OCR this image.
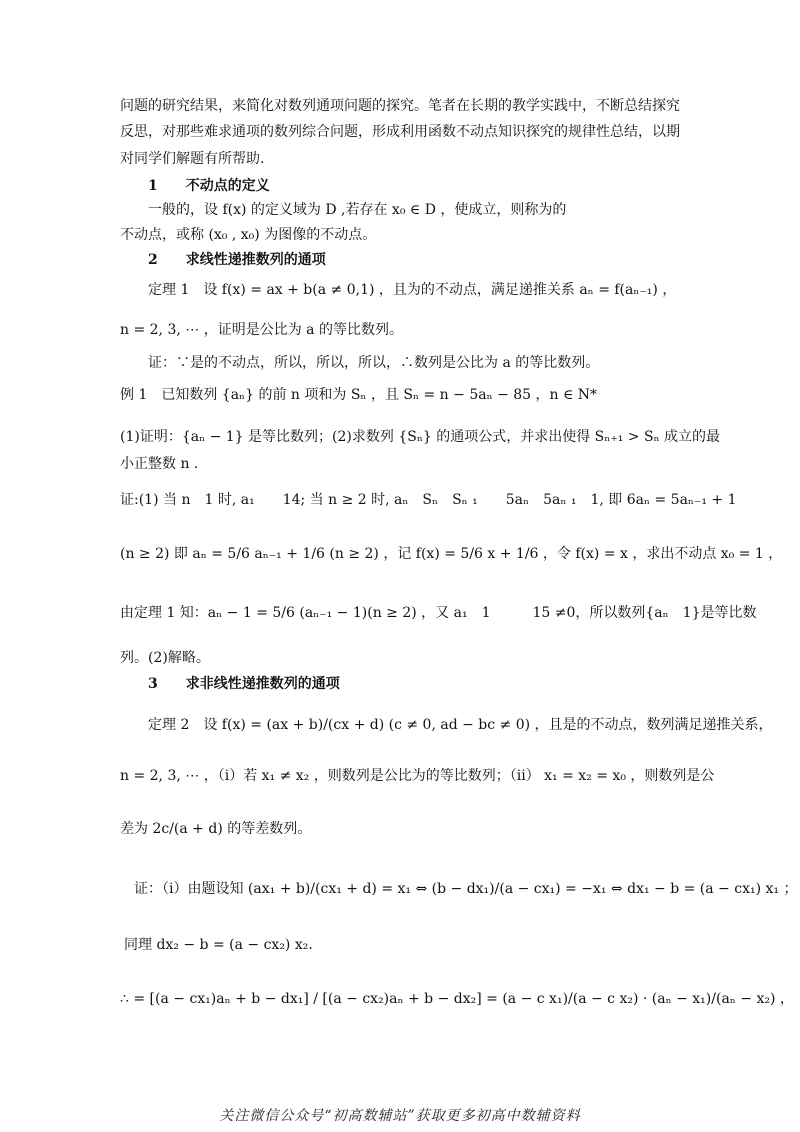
问题的研究结果，来简化对数列通项问题的探究。笔者在长期的教学实践中，不断总结探究
反思，对那些难求通项的数列综合问题，形成利用函数不动点知识探究的规律性总结，以期
对同学们解题有所帮助.
1　　不动点的定义
一般的，设 f(x) 的定义域为 D ,若存在 x₀ ∈ D ，使成立，则称为的
不动点，或称 (x₀ , x₀) 为图像的不动点。
2　　求线性递推数列的通项
定理 1　设 f(x) = ax + b(a ≠ 0,1) ，且为的不动点，满足递推关系 aₙ = f(aₙ₋₁) ，
n = 2, 3, ⋯ ，证明是公比为 a 的等比数列。
证：∵是的不动点，所以，所以，所以，∴数列是公比为 a 的等比数列。
例 1　已知数列 {aₙ} 的前 n 项和为 Sₙ ，且 Sₙ = n − 5aₙ − 85 ，n ∈ N*
(1)证明：{aₙ − 1} 是等比数列；(2)求数列 {Sₙ} 的通项公式，并求出使得 Sₙ₊₁ > Sₙ 成立的最
小正整数 n .
证:(1) 当 n　1 时, a₁　　14; 当 n ≥ 2 时, aₙ　Sₙ　Sₙ ₁　　5aₙ　5aₙ ₁　1, 即 6aₙ = 5aₙ₋₁ + 1
(n ≥ 2) 即 aₙ = 5/6 aₙ₋₁ + 1/6 (n ≥ 2) ，记 f(x) = 5/6 x + 1/6 ，令 f(x) = x ，求出不动点 x₀ = 1 ，
由定理 1 知：aₙ − 1 = 5/6 (aₙ₋₁ − 1)(n ≥ 2) ，又 a₁　1　　　15 ≠0，所以数列{aₙ　1}是等比数
列。(2)解略。
3　　求非线性递推数列的通项
定理 2　设 f(x) = (ax + b)/(cx + d) (c ≠ 0, ad − bc ≠ 0) ，且是的不动点，数列满足递推关系，
n = 2, 3, ⋯ ，（i）若 x₁ ≠ x₂ ，则数列是公比为的等比数列；（ii） x₁ = x₂ = x₀ ，则数列是公
差为 2c/(a + d) 的等差数列。
证：（i）由题设知 (ax₁ + b)/(cx₁ + d) = x₁ ⇔ (b − dx₁)/(a − cx₁) = −x₁ ⇔ dx₁ − b = (a − cx₁) x₁ ；
同理 dx₂ − b = (a − cx₂) x₂.
∴ = [(a − cx₁)aₙ + b − dx₁] / [(a − cx₂)aₙ + b − dx₂] = (a − c x₁)/(a − c x₂) · (aₙ − x₁)/(aₙ − x₂) ，
关注微信公众号“初高数辅站”获取更多初高中数辅资料
